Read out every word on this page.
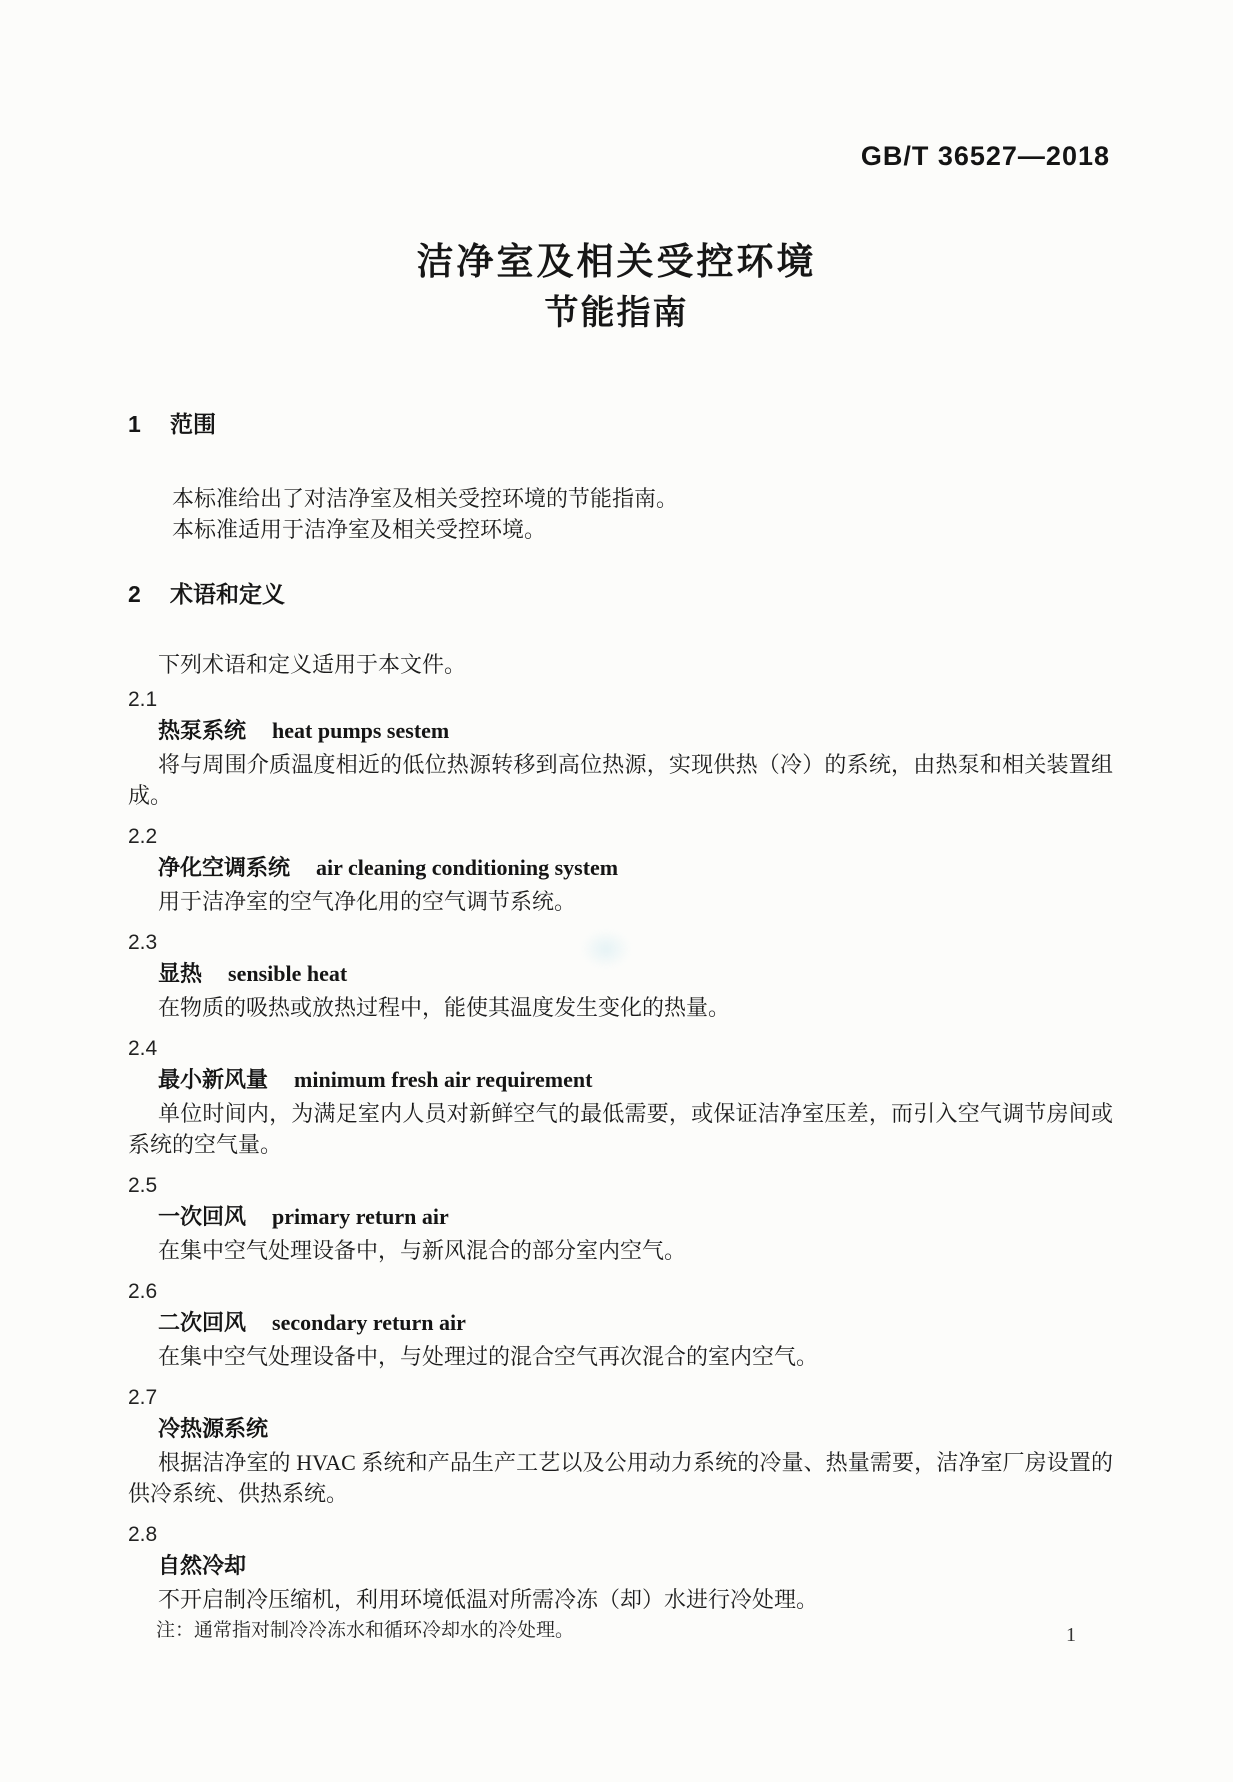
GB/T 36527—2018
洁净室及相关受控环境
节能指南
1 范围
本标准给出了对洁净室及相关受控环境的节能指南。
本标准适用于洁净室及相关受控环境。
2 术语和定义
下列术语和定义适用于本文件。
2.1
热泵系统 heat pumps sestem
将与周围介质温度相近的低位热源转移到高位热源，实现供热（冷）的系统，由热泵和相关装置组成。
2.2
净化空调系统 air cleaning conditioning system
用于洁净室的空气净化用的空气调节系统。
2.3
显热 sensible heat
在物质的吸热或放热过程中，能使其温度发生变化的热量。
2.4
最小新风量 minimum fresh air requirement
单位时间内，为满足室内人员对新鲜空气的最低需要，或保证洁净室压差，而引入空气调节房间或系统的空气量。
2.5
一次回风 primary return air
在集中空气处理设备中，与新风混合的部分室内空气。
2.6
二次回风 secondary return air
在集中空气处理设备中，与处理过的混合空气再次混合的室内空气。
2.7
冷热源系统
根据洁净室的 HVAC 系统和产品生产工艺以及公用动力系统的冷量、热量需要，洁净室厂房设置的供冷系统、供热系统。
2.8
自然冷却
不开启制冷压缩机，利用环境低温对所需冷冻（却）水进行冷处理。
注：通常指对制冷冷冻水和循环冷却水的冷处理。	1
